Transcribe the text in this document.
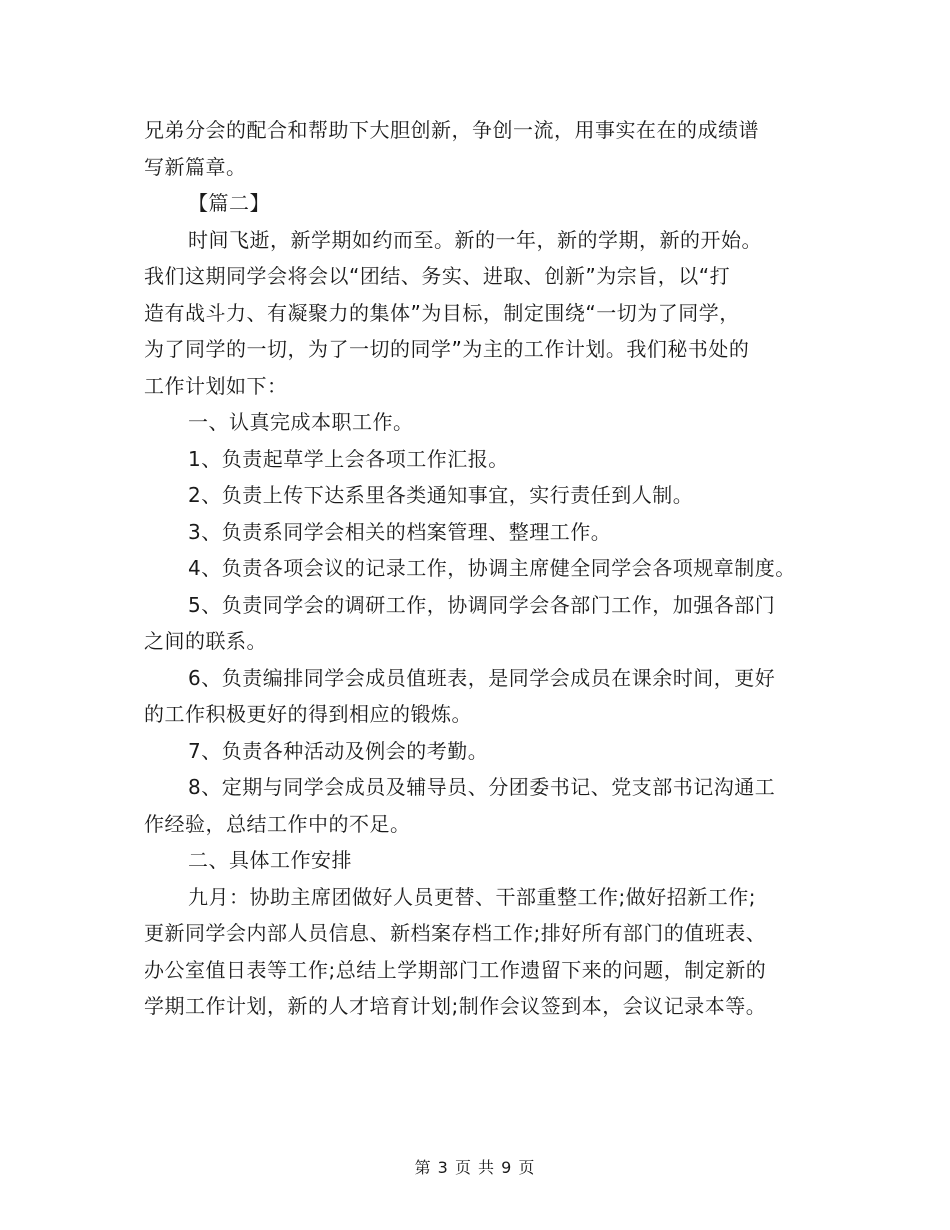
兄弟分会的配合和帮助下大胆创新，争创一流，用事实在在的成绩谱
写新篇章。
【篇二】
时间飞逝，新学期如约而至。新的一年，新的学期，新的开始。
我们这期同学会将会以“团结、务实、进取、创新”为宗旨，以“打
造有战斗力、有凝聚力的集体”为目标，制定围绕“一切为了同学，
为了同学的一切，为了一切的同学”为主的工作计划。我们秘书处的
工作计划如下：
一、认真完成本职工作。
1、负责起草学上会各项工作汇报。
2、负责上传下达系里各类通知事宜，实行责任到人制。
3、负责系同学会相关的档案管理、整理工作。
4、负责各项会议的记录工作，协调主席健全同学会各项规章制度。
5、负责同学会的调研工作，协调同学会各部门工作，加强各部门
之间的联系。
6、负责编排同学会成员值班表，是同学会成员在课余时间，更好
的工作积极更好的得到相应的锻炼。
7、负责各种活动及例会的考勤。
8、定期与同学会成员及辅导员、分团委书记、党支部书记沟通工
作经验，总结工作中的不足。
二、具体工作安排
九月：协助主席团做好人员更替、干部重整工作;做好招新工作;
更新同学会内部人员信息、新档案存档工作;排好所有部门的值班表、
办公室值日表等工作;总结上学期部门工作遗留下来的问题，制定新的
学期工作计划，新的人才培育计划;制作会议签到本，会议记录本等。
第 3 页 共 9 页
